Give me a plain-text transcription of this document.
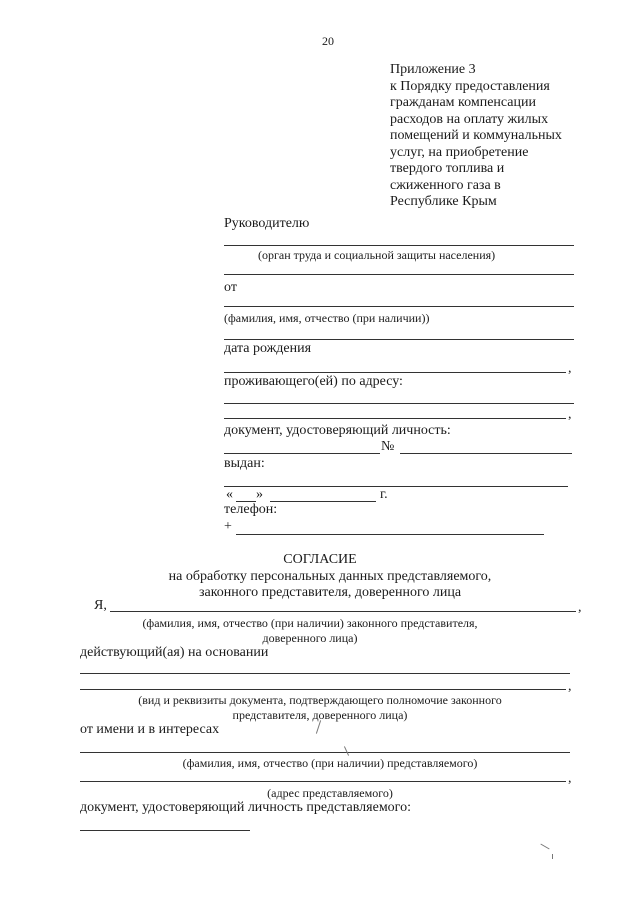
20
Приложение 3
к Порядку предоставления
гражданам компенсации
расходов на оплату жилых
помещений и коммунальных
услуг, на приобретение
твердого топлива и
сжиженного газа в
Республике Крым
Руководителю
(орган труда и социальной защиты населения)
от
(фамилия, имя, отчество (при наличии))
дата рождения
,
проживающего(ей) по адресу:
,
документ, удостоверяющий личность:
№
выдан:
« »	г.
телефон:
+
СОГЛАСИЕ
на обработку персональных данных представляемого,
законного представителя, доверенного лица
Я,	,
(фамилия, имя, отчество (при наличии) законного представителя,
доверенного лица)
действующий(ая) на основании
,
(вид и реквизиты документа, подтверждающего полномочие законного
представителя, доверенного лица)
от имени и в интересах
(фамилия, имя, отчество (при наличии) представляемого)
,
(адрес представляемого)
документ, удостоверяющий личность представляемого:
